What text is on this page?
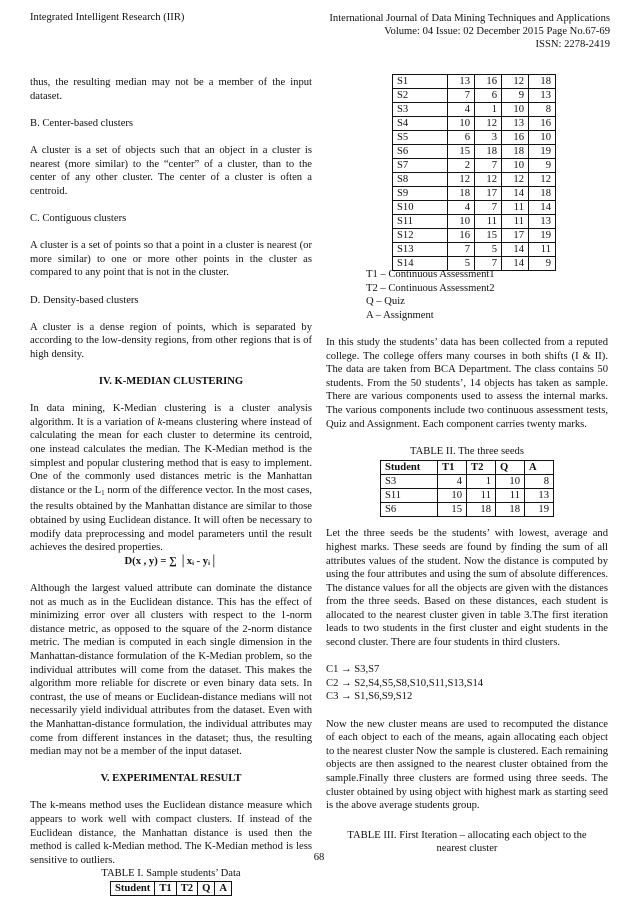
Integrated Intelligent Research (IIR)	International Journal of Data Mining Techniques and Applications
Volume: 04 Issue: 02 December 2015 Page No.67-69
ISSN: 2278-2419

thus, the resulting median may not be a member of the input dataset.

B. Center-based clusters

A cluster is a set of objects such that an object in a cluster is nearest (more similar) to the “center” of a cluster, than to the center of any other cluster. The center of a cluster is often a centroid.

C. Contiguous clusters

A cluster is a set of points so that a point in a cluster is nearest (or more similar) to one or more other points in the cluster as compared to any point that is not in the cluster.

D. Density-based clusters

A cluster is a dense region of points, which is separated by according to the low-density regions, from other regions that is of high density.

IV. K-MEDIAN CLUSTERING

In data mining, K-Median clustering is a cluster analysis algorithm. It is a variation of k-means clustering where instead of calculating the mean for each cluster to determine its centroid, one instead calculates the median. The K-Median method is the simplest and popular clustering method that is easy to implement. One of the commonly used distances metric is the Manhattan distance or the $L_1$ norm of the difference vector. In the most cases, the results obtained by the Manhattan distance are similar to those obtained by using Euclidean distance. It will often be necessary to modify data preprocessing and model parameters until the result achieves the desired properties.

D(x , y) = ∑ │xᵢ - yᵢ│

Although the largest valued attribute can dominate the distance not as much as in the Euclidean distance. This has the effect of minimizing error over all clusters with respect to the 1-norm distance metric, as opposed to the square of the 2-norm distance metric. The median is computed in each single dimension in the Manhattan-distance formulation of the K-Median problem, so the individual attributes will come from the dataset. This makes the algorithm more reliable for discrete or even binary data sets. In contrast, the use of means or Euclidean-distance medians will not necessarily yield individual attributes from the dataset. Even with the Manhattan-distance formulation, the individual attributes may come from different instances in the dataset; thus, the resulting median may not be a member of the input dataset.

V. EXPERIMENTAL RESULT

The k-means method uses the Euclidean distance measure which appears to work well with compact clusters. If instead of the Euclidean distance, the Manhattan distance is used then the method is called k-Median method. The K-Median method is less sensitive to outliers.

TABLE I. Sample students’ Data
Student	T1	T2	Q	A
S1	13	16	12	18
S2	7	6	9	13
S3	4	1	10	8
S4	10	12	13	16
S5	6	3	16	10
S6	15	18	18	19
S7	2	7	10	9
S8	12	12	12	12
S9	18	17	14	18
S10	4	7	11	14
S11	10	11	11	13
S12	16	15	17	19
S13	7	5	14	11
S14	5	7	14	9
T1 – Continuous Assessment1
T2 – Continuous Assessment2
Q – Quiz
A – Assignment

In this study the students’ data has been collected from a reputed college. The college offers many courses in both shifts (I & II). The data are taken from BCA Department. The class contains 50 students. From the 50 students’, 14 objects has taken as sample. There are various components used to assess the internal marks. The various components include two continuous assessment tests, Quiz and Assignment. Each component carries twenty marks.

TABLE II. The three seeds
Student	T1	T2	Q	A
S3	4	1	10	8
S11	10	11	11	13
S6	15	18	18	19

Let the three seeds be the students’ with lowest, average and highest marks. These seeds are found by finding the sum of all attributes values of the student. Now the distance is computed by using the four attributes and using the sum of absolute differences. The distance values for all the objects are given with the distances from the three seeds. Based on these distances, each student is allocated to the nearest cluster given in table 3.The first iteration leads to two students in the first cluster and eight students in the second cluster. There are four students in third clusters.

C1 → S3,S7
C2 → S2,S4,S5,S8,S10,S11,S13,S14
C3 → S1,S6,S9,S12

Now the new cluster means are used to recomputed the distance of each object to each of the means, again allocating each object to the nearest cluster Now the sample is clustered. Each remaining objects are then assigned to the nearest cluster obtained from the sample.Finally three clusters are formed using three seeds. The cluster obtained by using object with highest mark as starting seed is the above average students group.

TABLE III. First Iteration – allocating each object to the
nearest cluster
68
